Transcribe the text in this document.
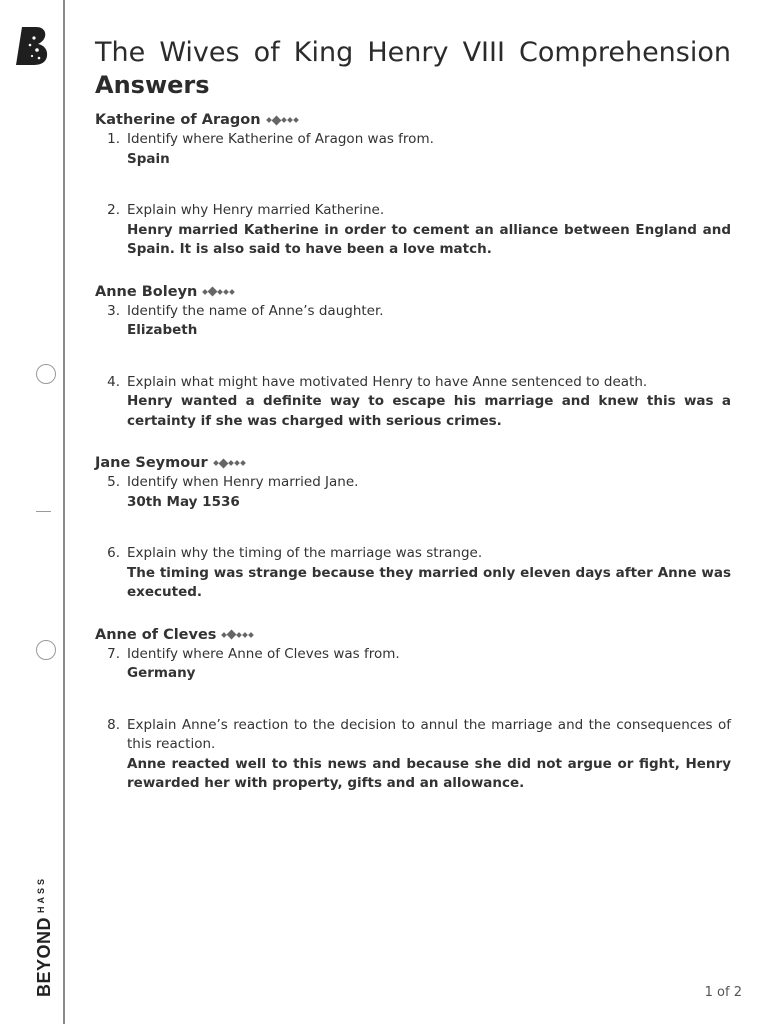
$BEYOND^{HASS}$
The Wives of King Henry VIII Comprehension
Answers
Katherine of Aragon
1. Identify where Katherine of Aragon was from.
Spain
2. Explain why Henry married Katherine.
Henry married Katherine in order to cement an alliance between England and Spain. It is also said to have been a love match.
Anne Boleyn
3. Identify the name of Anne’s daughter.
Elizabeth
4. Explain what might have motivated Henry to have Anne sentenced to death.
Henry wanted a definite way to escape his marriage and knew this was a certainty if she was charged with serious crimes.
Jane Seymour
5. Identify when Henry married Jane.
30th May 1536
6. Explain why the timing of the marriage was strange.
The timing was strange because they married only eleven days after Anne was executed.
Anne of Cleves
7. Identify where Anne of Cleves was from.
Germany
8. Explain Anne’s reaction to the decision to annul the marriage and the consequences of this reaction.
Anne reacted well to this news and because she did not argue or fight, Henry rewarded her with property, gifts and an allowance.
1 of 2
